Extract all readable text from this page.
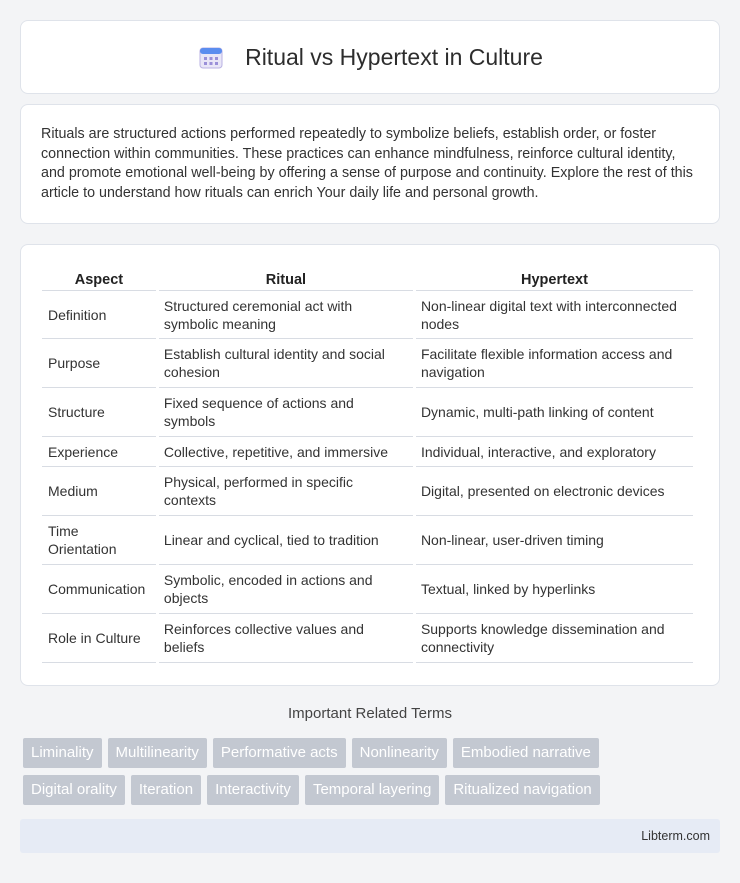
Ritual vs Hypertext in Culture

Rituals are structured actions performed repeatedly to symbolize beliefs, establish order, or foster connection within communities. These practices can enhance mindfulness, reinforce cultural identity, and promote emotional well-being by offering a sense of purpose and continuity. Explore the rest of this article to understand how rituals can enrich Your daily life and personal growth.

Aspect	Ritual	Hypertext
Definition	Structured ceremonial act with symbolic meaning	Non-linear digital text with interconnected nodes
Purpose	Establish cultural identity and social cohesion	Facilitate flexible information access and navigation
Structure	Fixed sequence of actions and symbols	Dynamic, multi-path linking of content
Experience	Collective, repetitive, and immersive	Individual, interactive, and exploratory
Medium	Physical, performed in specific contexts	Digital, presented on electronic devices
Time Orientation	Linear and cyclical, tied to tradition	Non-linear, user-driven timing
Communication	Symbolic, encoded in actions and objects	Textual, linked by hyperlinks
Role in Culture	Reinforces collective values and beliefs	Supports knowledge dissemination and connectivity
Important Related Terms
Liminality	Multilinearity	Performative acts	Nonlinearity	Embodied narrative
Digital orality	Iteration	Interactivity	Temporal layering	Ritualized navigation
Libterm.com
